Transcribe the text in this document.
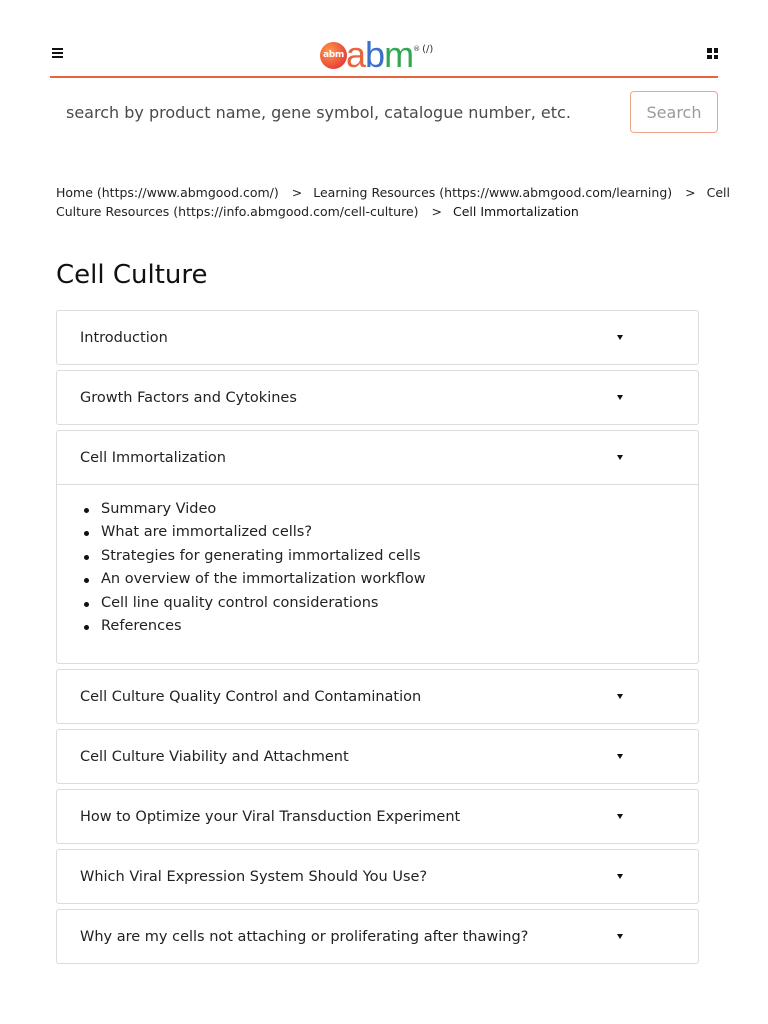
abm abm ® (/)
search by product name, gene symbol, catalogue number, etc.
Search
Home (https://www.abmgood.com/) > Learning Resources (https://www.abmgood.com/learning) > Cell Culture Resources (https://info.abmgood.com/cell-culture) > Cell Immortalization
Cell Culture
Introduction
Growth Factors and Cytokines
Cell Immortalization
Summary Video
What are immortalized cells?
Strategies for generating immortalized cells
An overview of the immortalization workflow
Cell line quality control considerations
References
Cell Culture Quality Control and Contamination
Cell Culture Viability and Attachment
How to Optimize your Viral Transduction Experiment
Which Viral Expression System Should You Use?
Why are my cells not attaching or proliferating after thawing?
